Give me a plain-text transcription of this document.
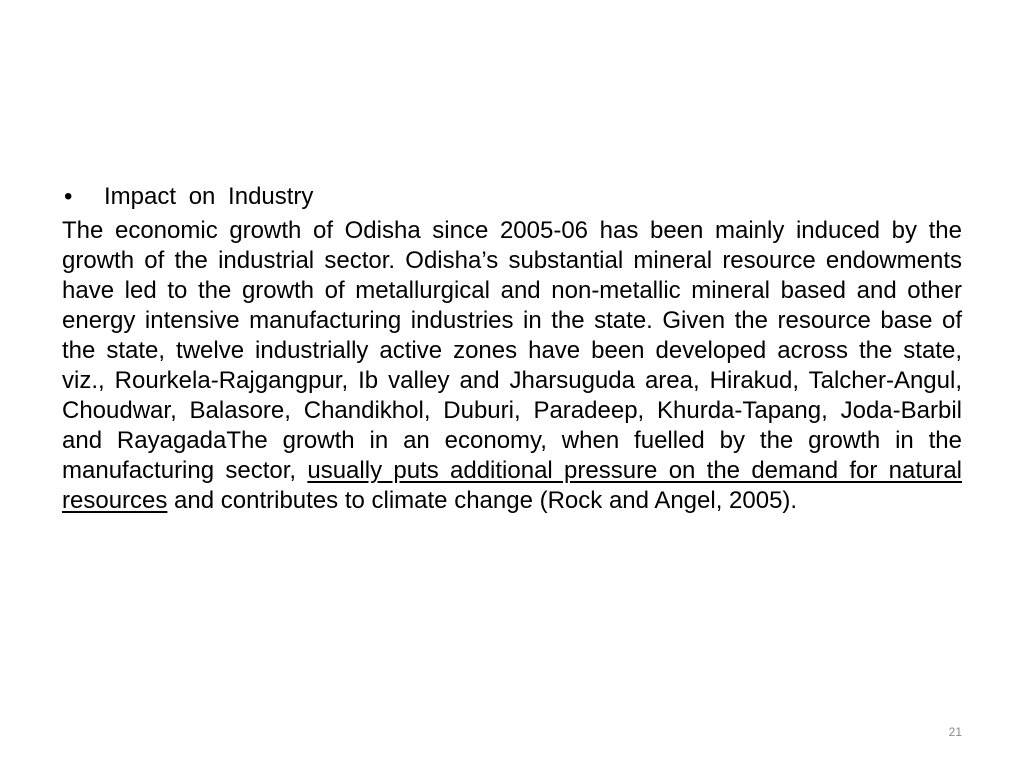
•	Impact on Industry

The economic growth of Odisha since 2005-06 has been mainly induced by the growth of the industrial sector. Odisha’s substantial mineral resource endowments have led to the growth of metallurgical and non-metallic mineral based and other energy intensive manufacturing industries in the state. Given the resource base of the state, twelve industrially active zones have been developed across the state, viz., Rourkela-Rajgangpur, Ib valley and Jharsuguda area, Hirakud, Talcher-Angul, Choudwar, Balasore, Chandikhol, Duburi, Paradeep, Khurda-Tapang, Joda-Barbil and RayagadaThe growth in an economy, when fuelled by the growth in the manufacturing sector, usually puts additional pressure on the demand for natural resources and contributes to climate change (Rock and Angel, 2005).

21
